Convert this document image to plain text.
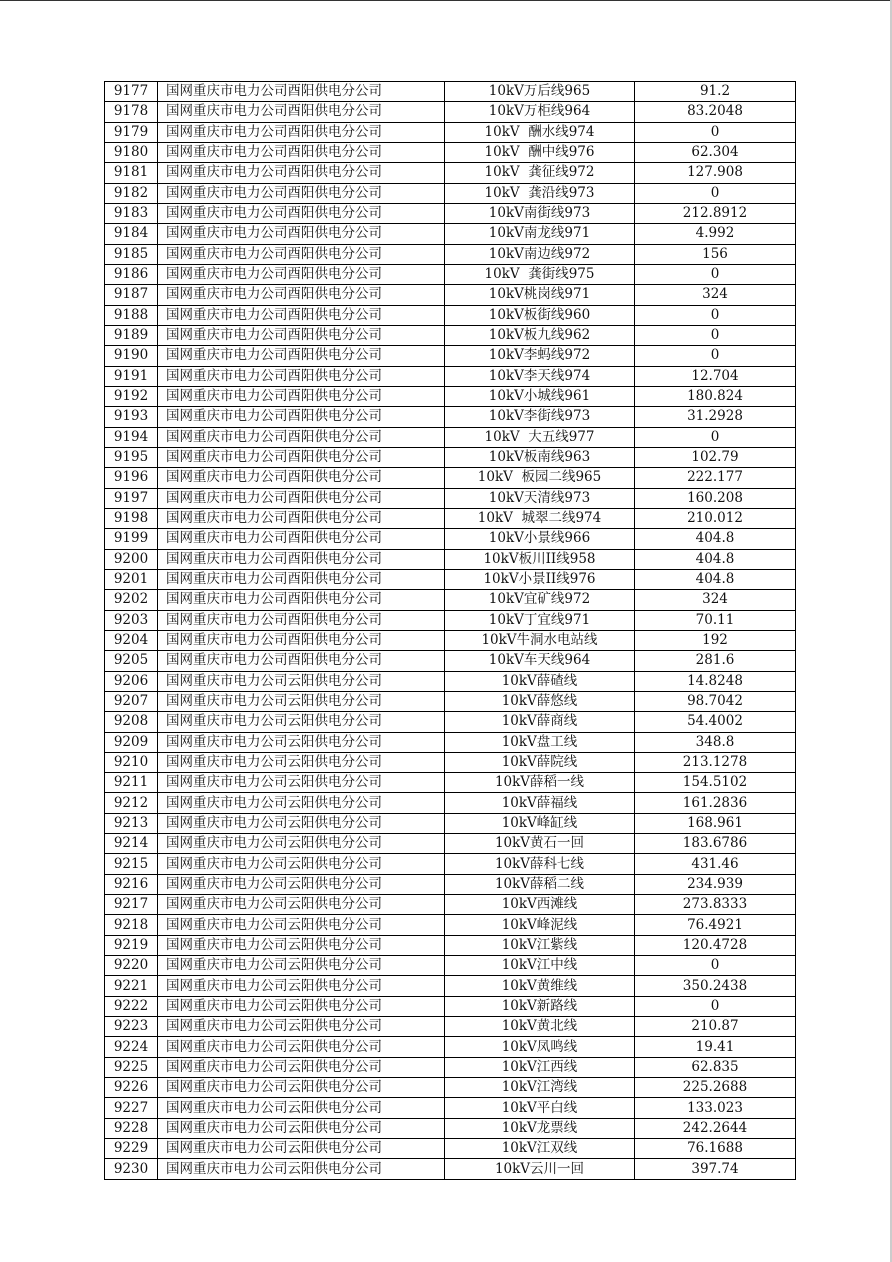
9177	国网重庆市电力公司酉阳供电分公司	10kV万后线965	91.2
9178	国网重庆市电力公司酉阳供电分公司	10kV万柜线964	83.2048
9179	国网重庆市电力公司酉阳供电分公司	10kV  酬水线974	0
9180	国网重庆市电力公司酉阳供电分公司	10kV  酬中线976	62.304
9181	国网重庆市电力公司酉阳供电分公司	10kV  龚征线972	127.908
9182	国网重庆市电力公司酉阳供电分公司	10kV  龚沿线973	0
9183	国网重庆市电力公司酉阳供电分公司	10kV南街线973	212.8912
9184	国网重庆市电力公司酉阳供电分公司	10kV南龙线971	4.992
9185	国网重庆市电力公司酉阳供电分公司	10kV南边线972	156
9186	国网重庆市电力公司酉阳供电分公司	10kV  龚街线975	0
9187	国网重庆市电力公司酉阳供电分公司	10kV桃岗线971	324
9188	国网重庆市电力公司酉阳供电分公司	10kV板街线960	0
9189	国网重庆市电力公司酉阳供电分公司	10kV板九线962	0
9190	国网重庆市电力公司酉阳供电分公司	10kV李蚂线972	0
9191	国网重庆市电力公司酉阳供电分公司	10kV李天线974	12.704
9192	国网重庆市电力公司酉阳供电分公司	10kV小城线961	180.824
9193	国网重庆市电力公司酉阳供电分公司	10kV李街线973	31.2928
9194	国网重庆市电力公司酉阳供电分公司	10kV  大五线977	0
9195	国网重庆市电力公司酉阳供电分公司	10kV板南线963	102.79
9196	国网重庆市电力公司酉阳供电分公司	10kV  板园二线965	222.177
9197	国网重庆市电力公司酉阳供电分公司	10kV天清线973	160.208
9198	国网重庆市电力公司酉阳供电分公司	10kV  城翠二线974	210.012
9199	国网重庆市电力公司酉阳供电分公司	10kV小景线966	404.8
9200	国网重庆市电力公司酉阳供电分公司	10kV板川II线958	404.8
9201	国网重庆市电力公司酉阳供电分公司	10kV小景II线976	404.8
9202	国网重庆市电力公司酉阳供电分公司	10kV宜矿线972	324
9203	国网重庆市电力公司酉阳供电分公司	10kV丁宜线971	70.11
9204	国网重庆市电力公司酉阳供电分公司	10kV牛洞水电站线	192
9205	国网重庆市电力公司酉阳供电分公司	10kV车天线964	281.6
9206	国网重庆市电力公司云阳供电分公司	10kV薛碴线	14.8248
9207	国网重庆市电力公司云阳供电分公司	10kV薛悠线	98.7042
9208	国网重庆市电力公司云阳供电分公司	10kV薛商线	54.4002
9209	国网重庆市电力公司云阳供电分公司	10kV盘工线	348.8
9210	国网重庆市电力公司云阳供电分公司	10kV薛院线	213.1278
9211	国网重庆市电力公司云阳供电分公司	10kV薛稻一线	154.5102
9212	国网重庆市电力公司云阳供电分公司	10kV薛福线	161.2836
9213	国网重庆市电力公司云阳供电分公司	10kV峰缸线	168.961
9214	国网重庆市电力公司云阳供电分公司	10kV黄石一回	183.6786
9215	国网重庆市电力公司云阳供电分公司	10kV薛科七线	431.46
9216	国网重庆市电力公司云阳供电分公司	10kV薛稻二线	234.939
9217	国网重庆市电力公司云阳供电分公司	10kV西滩线	273.8333
9218	国网重庆市电力公司云阳供电分公司	10kV峰泥线	76.4921
9219	国网重庆市电力公司云阳供电分公司	10kV江紫线	120.4728
9220	国网重庆市电力公司云阳供电分公司	10kV江中线	0
9221	国网重庆市电力公司云阳供电分公司	10kV黄维线	350.2438
9222	国网重庆市电力公司云阳供电分公司	10kV新路线	0
9223	国网重庆市电力公司云阳供电分公司	10kV黄北线	210.87
9224	国网重庆市电力公司云阳供电分公司	10kV凤鸣线	19.41
9225	国网重庆市电力公司云阳供电分公司	10kV江西线	62.835
9226	国网重庆市电力公司云阳供电分公司	10kV江湾线	225.2688
9227	国网重庆市电力公司云阳供电分公司	10kV平白线	133.023
9228	国网重庆市电力公司云阳供电分公司	10kV龙票线	242.2644
9229	国网重庆市电力公司云阳供电分公司	10kV江双线	76.1688
9230	国网重庆市电力公司云阳供电分公司	10kV云川一回	397.74
